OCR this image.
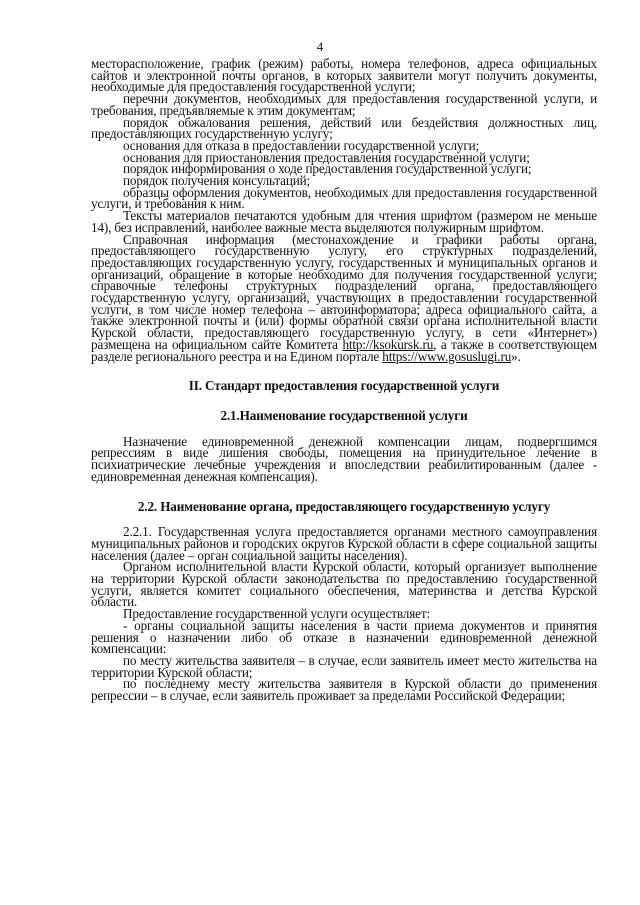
4

месторасположение, график (режим) работы, номера телефонов, адреса официальных сайтов и электронной почты органов, в которых заявители могут получить документы, необходимые для предоставления государственной услуги;

перечни документов, необходимых для предоставления государственной услуги, и требования, предъявляемые к этим документам;

порядок обжалования решения, действий или бездействия должностных лиц, предоставляющих государственную услугу;

основания для отказа в предоставлении государственной услуги;

основания для приостановления предоставления государственной услуги;

порядок информирования о ходе предоставления государственной услуги;

порядок получения консультаций;

образцы оформления документов, необходимых для предоставления государственной услуги, и требования к ним.

Тексты материалов печатаются удобным для чтения шрифтом (размером не меньше 14), без исправлений, наиболее важные места выделяются полужирным шрифтом.

Справочная информация (местонахождение и графики работы органа, предоставляющего государственную услугу, его структурных подразделений, предоставляющих государственную услугу, государственных и муниципальных органов и организаций, обращение в которые необходимо для получения государственной услуги; справочные телефоны структурных подразделений органа, предоставляющего государственную услугу, организаций, участвующих в предоставлении государственной услуги, в том числе номер телефона – автоинформатора; адреса официального сайта, а также электронной почты и (или) формы обратной связи органа исполнительной власти Курской области, предоставляющего государственную услугу, в сети «Интернет») размещена на официальном сайте Комитета http://ksokursk.ru, а также в соответствующем разделе регионального реестра и на Едином портале https://www.gosuslugi.ru».

II. Стандарт предоставления государственной услуги

2.1.Наименование государственной услуги

Назначение единовременной денежной компенсации лицам, подвергшимся репрессиям в виде лишения свободы, помещения на принудительное лечение в психиатрические лечебные учреждения и впоследствии реабилитированным (далее - единовременная денежная компенсация).

2.2. Наименование органа, предоставляющего государственную услугу

2.2.1. Государственная услуга предоставляется органами местного самоуправления муниципальных районов и городских округов Курской области в сфере социальной защиты населения (далее – орган социальной защиты населения).

Органом исполнительной власти Курской области, который организует выполнение на территории Курской области законодательства по предоставлению государственной услуги, является комитет социального обеспечения, материнства и детства Курской области.

Предоставление государственной услуги осуществляет:

- органы социальной защиты населения в части приема документов и принятия решения о назначении либо об отказе в назначении единовременной денежной компенсации:

по месту жительства заявителя – в случае, если заявитель имеет место жительства на территории Курской области;

по последнему месту жительства заявителя в Курской области до применения репрессии – в случае, если заявитель проживает за пределами Российской Федерации;
